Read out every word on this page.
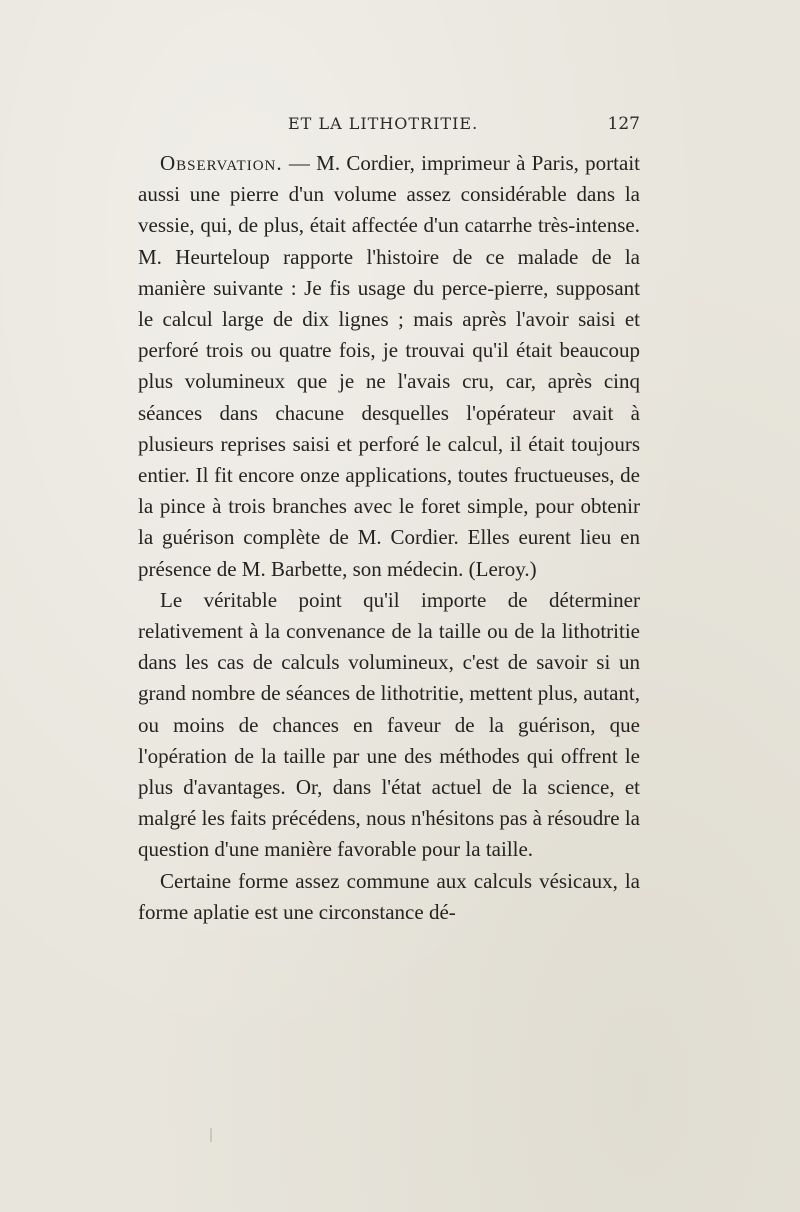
ET LA LITHOTRITIE.	127

Observation. — M. Cordier, imprimeur à Paris, portait aussi une pierre d'un volume assez considérable dans la vessie, qui, de plus, était affectée d'un catarrhe très-intense. M. Heurteloup rapporte l'histoire de ce malade de la manière suivante : Je fis usage du perce-pierre, supposant le calcul large de dix lignes ; mais après l'avoir saisi et perforé trois ou quatre fois, je trouvai qu'il était beaucoup plus volumineux que je ne l'avais cru, car, après cinq séances dans chacune desquelles l'opérateur avait à plusieurs reprises saisi et perforé le calcul, il était toujours entier. Il fit encore onze applications, toutes fructueuses, de la pince à trois branches avec le foret simple, pour obtenir la guérison complète de M. Cordier. Elles eurent lieu en présence de M. Barbette, son médecin. (Leroy.)

Le véritable point qu'il importe de déterminer relativement à la convenance de la taille ou de la lithotritie dans les cas de calculs volumineux, c'est de savoir si un grand nombre de séances de lithotritie, mettent plus, autant, ou moins de chances en faveur de la guérison, que l'opération de la taille par une des méthodes qui offrent le plus d'avantages. Or, dans l'état actuel de la science, et malgré les faits précédens, nous n'hésitons pas à résoudre la question d'une manière favorable pour la taille.

Certaine forme assez commune aux calculs vésicaux, la forme aplatie est une circonstance dé-
